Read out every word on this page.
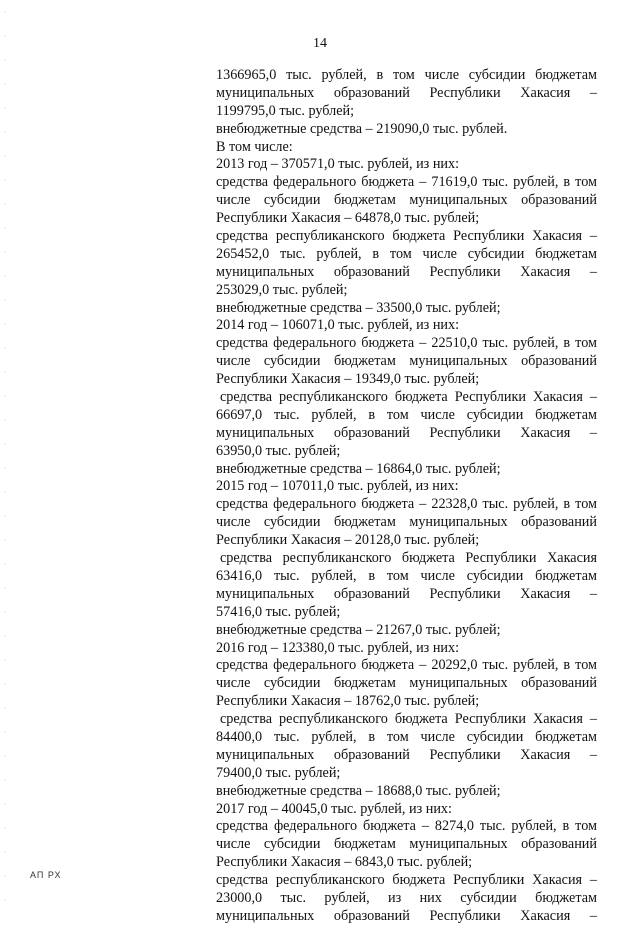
14
1366965,0 тыс. рублей, в том числе субсидии бюджетам
муниципальных образований Республики Хакасия –
1199795,0 тыс. рублей;
внебюджетные средства – 219090,0 тыс. рублей.
В том числе:
2013 год – 370571,0 тыс. рублей, из них:
средства федерального бюджета – 71619,0 тыс. рублей, в том
числе субсидии бюджетам муниципальных образований
Республики Хакасия – 64878,0 тыс. рублей;
средства республиканского бюджета Республики Хакасия –
265452,0 тыс. рублей, в том числе субсидии бюджетам
муниципальных образований Республики Хакасия –
253029,0 тыс. рублей;
внебюджетные средства – 33500,0 тыс. рублей;
2014 год – 106071,0 тыс. рублей, из них:
средства федерального бюджета – 22510,0 тыс. рублей, в том
числе субсидии бюджетам муниципальных образований
Республики Хакасия – 19349,0 тыс. рублей;
средства республиканского бюджета Республики Хакасия –
66697,0 тыс. рублей, в том числе субсидии бюджетам
муниципальных образований Республики Хакасия –
63950,0 тыс. рублей;
внебюджетные средства – 16864,0 тыс. рублей;
2015 год – 107011,0 тыс. рублей, из них:
средства федерального бюджета – 22328,0 тыс. рублей, в том
числе субсидии бюджетам муниципальных образований
Республики Хакасия – 20128,0 тыс. рублей;
средства республиканского бюджета Республики Хакасия
63416,0 тыс. рублей, в том числе субсидии бюджетам
муниципальных образований Республики Хакасия –
57416,0 тыс. рублей;
внебюджетные средства – 21267,0 тыс. рублей;
2016 год – 123380,0 тыс. рублей, из них:
средства федерального бюджета – 20292,0 тыс. рублей, в том
числе субсидии бюджетам муниципальных образований
Республики Хакасия – 18762,0 тыс. рублей;
средства республиканского бюджета Республики Хакасия –
84400,0 тыс. рублей, в том числе субсидии бюджетам
муниципальных образований Республики Хакасия –
79400,0 тыс. рублей;
внебюджетные средства – 18688,0 тыс. рублей;
2017 год – 40045,0 тыс. рублей, из них:
средства федерального бюджета – 8274,0 тыс. рублей, в том
числе субсидии бюджетам муниципальных образований
Республики Хакасия – 6843,0 тыс. рублей;
средства республиканского бюджета Республики Хакасия –
23000,0 тыс. рублей, из них субсидии бюджетам
муниципальных образований Республики Хакасия –
АП РХ
